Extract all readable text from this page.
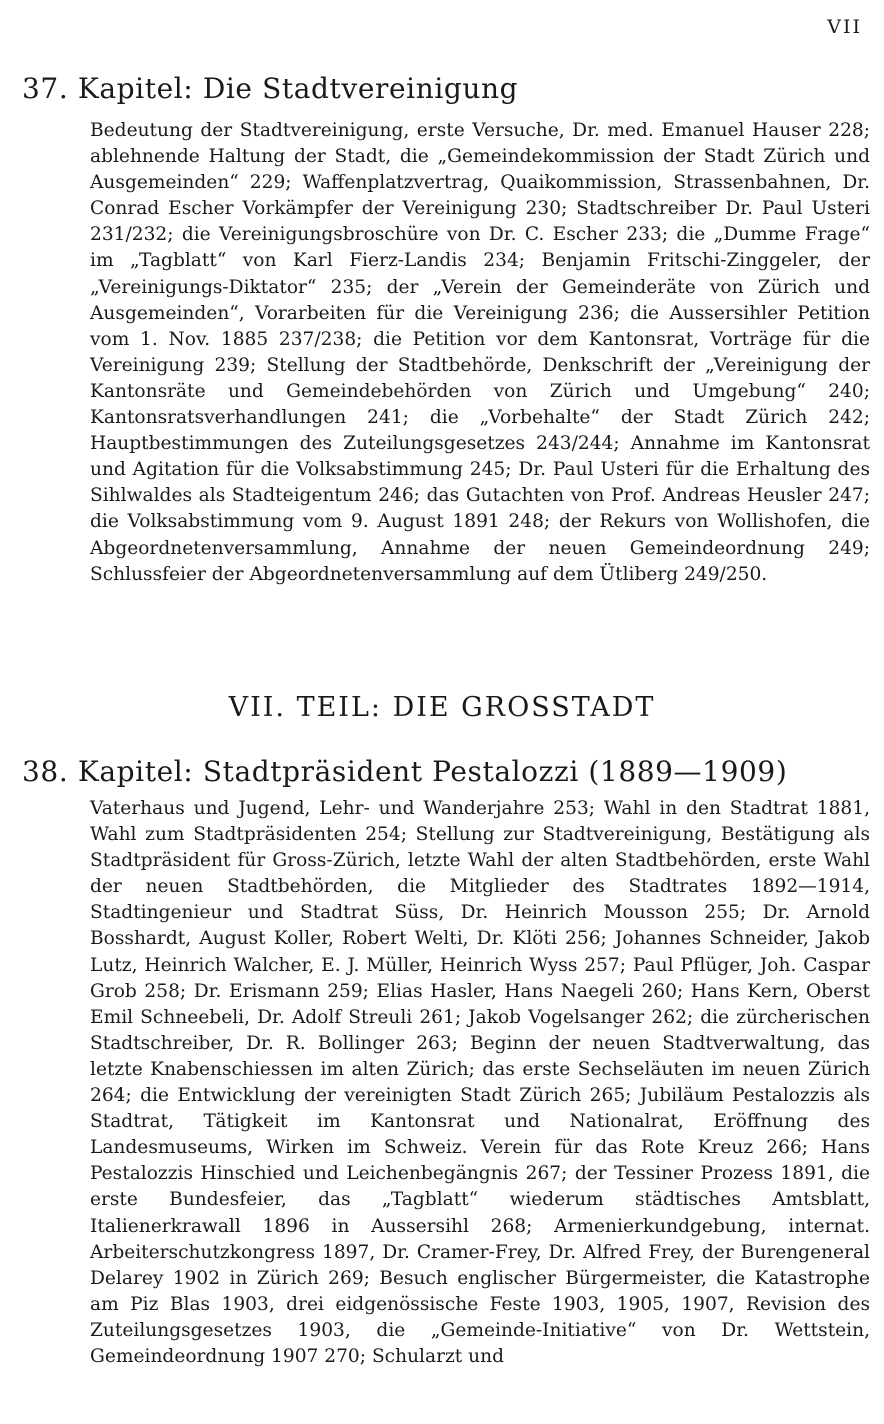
VII
37. Kapitel: Die Stadtvereinigung

Bedeutung der Stadtvereinigung, erste Versuche, Dr. med. Emanuel Hauser 228; ablehnende Haltung der Stadt, die „Gemeindekommission der Stadt Zürich und Ausgemeinden“ 229; Waffenplatzvertrag, Quaikommission, Strassenbahnen, Dr. Conrad Escher Vorkämpfer der Vereinigung 230; Stadtschreiber Dr. Paul Usteri 231/232; die Vereinigungsbroschüre von Dr. C. Escher 233; die „Dumme Frage“ im „Tagblatt“ von Karl Fierz-Landis 234; Benjamin Fritschi-Zinggeler, der „Vereinigungs-Diktator“ 235; der „Verein der Gemeinderäte von Zürich und Ausgemeinden“, Vorarbeiten für die Vereinigung 236; die Aussersihler Petition vom 1. Nov. 1885 237/238; die Petition vor dem Kantonsrat, Vorträge für die Vereinigung 239; Stellung der Stadtbehörde, Denkschrift der „Vereinigung der Kantonsräte und Gemeindebehörden von Zürich und Umgebung“ 240; Kantonsratsverhandlungen 241; die „Vorbehalte“ der Stadt Zürich 242; Hauptbestimmungen des Zuteilungsgesetzes 243/244; Annahme im Kantonsrat und Agitation für die Volksabstimmung 245; Dr. Paul Usteri für die Erhaltung des Sihlwaldes als Stadteigentum 246; das Gutachten von Prof. Andreas Heusler 247; die Volksabstimmung vom 9. August 1891 248; der Rekurs von Wollishofen, die Abgeordnetenversammlung, Annahme der neuen Gemeindeordnung 249; Schlussfeier der Abgeordnetenversammlung auf dem Ütliberg 249/250.

VII. TEIL: DIE GROSSTADT
38. Kapitel: Stadtpräsident Pestalozzi (1889—1909)

Vaterhaus und Jugend, Lehr- und Wanderjahre 253; Wahl in den Stadtrat 1881, Wahl zum Stadtpräsidenten 254; Stellung zur Stadtvereinigung, Bestätigung als Stadtpräsident für Gross-Zürich, letzte Wahl der alten Stadtbehörden, erste Wahl der neuen Stadtbehörden, die Mitglieder des Stadtrates 1892—1914, Stadtingenieur und Stadtrat Süss, Dr. Heinrich Mousson 255; Dr. Arnold Bosshardt, August Koller, Robert Welti, Dr. Klöti 256; Johannes Schneider, Jakob Lutz, Heinrich Walcher, E. J. Müller, Heinrich Wyss 257; Paul Pflüger, Joh. Caspar Grob 258; Dr. Erismann 259; Elias Hasler, Hans Naegeli 260; Hans Kern, Oberst Emil Schneebeli, Dr. Adolf Streuli 261; Jakob Vogelsanger 262; die zürcherischen Stadtschreiber, Dr. R. Bollinger 263; Beginn der neuen Stadtverwaltung, das letzte Knabenschiessen im alten Zürich; das erste Sechseläuten im neuen Zürich 264; die Entwicklung der vereinigten Stadt Zürich 265; Jubiläum Pestalozzis als Stadtrat, Tätigkeit im Kantonsrat und Nationalrat, Eröffnung des Landesmuseums, Wirken im Schweiz. Verein für das Rote Kreuz 266; Hans Pestalozzis Hinschied und Leichenbegängnis 267; der Tessiner Prozess 1891, die erste Bundesfeier, das „Tagblatt“ wiederum städtisches Amtsblatt, Italienerkrawall 1896 in Aussersihl 268; Armenierkundgebung, internat. Arbeiterschutzkongress 1897, Dr. Cramer-Frey, Dr. Alfred Frey, der Burengeneral Delarey 1902 in Zürich 269; Besuch englischer Bürgermeister, die Katastrophe am Piz Blas 1903, drei eidgenössische Feste 1903, 1905, 1907, Revision des Zuteilungsgesetzes 1903, die „Gemeinde-Initiative“ von Dr. Wettstein, Gemeindeordnung 1907 270; Schularzt und
